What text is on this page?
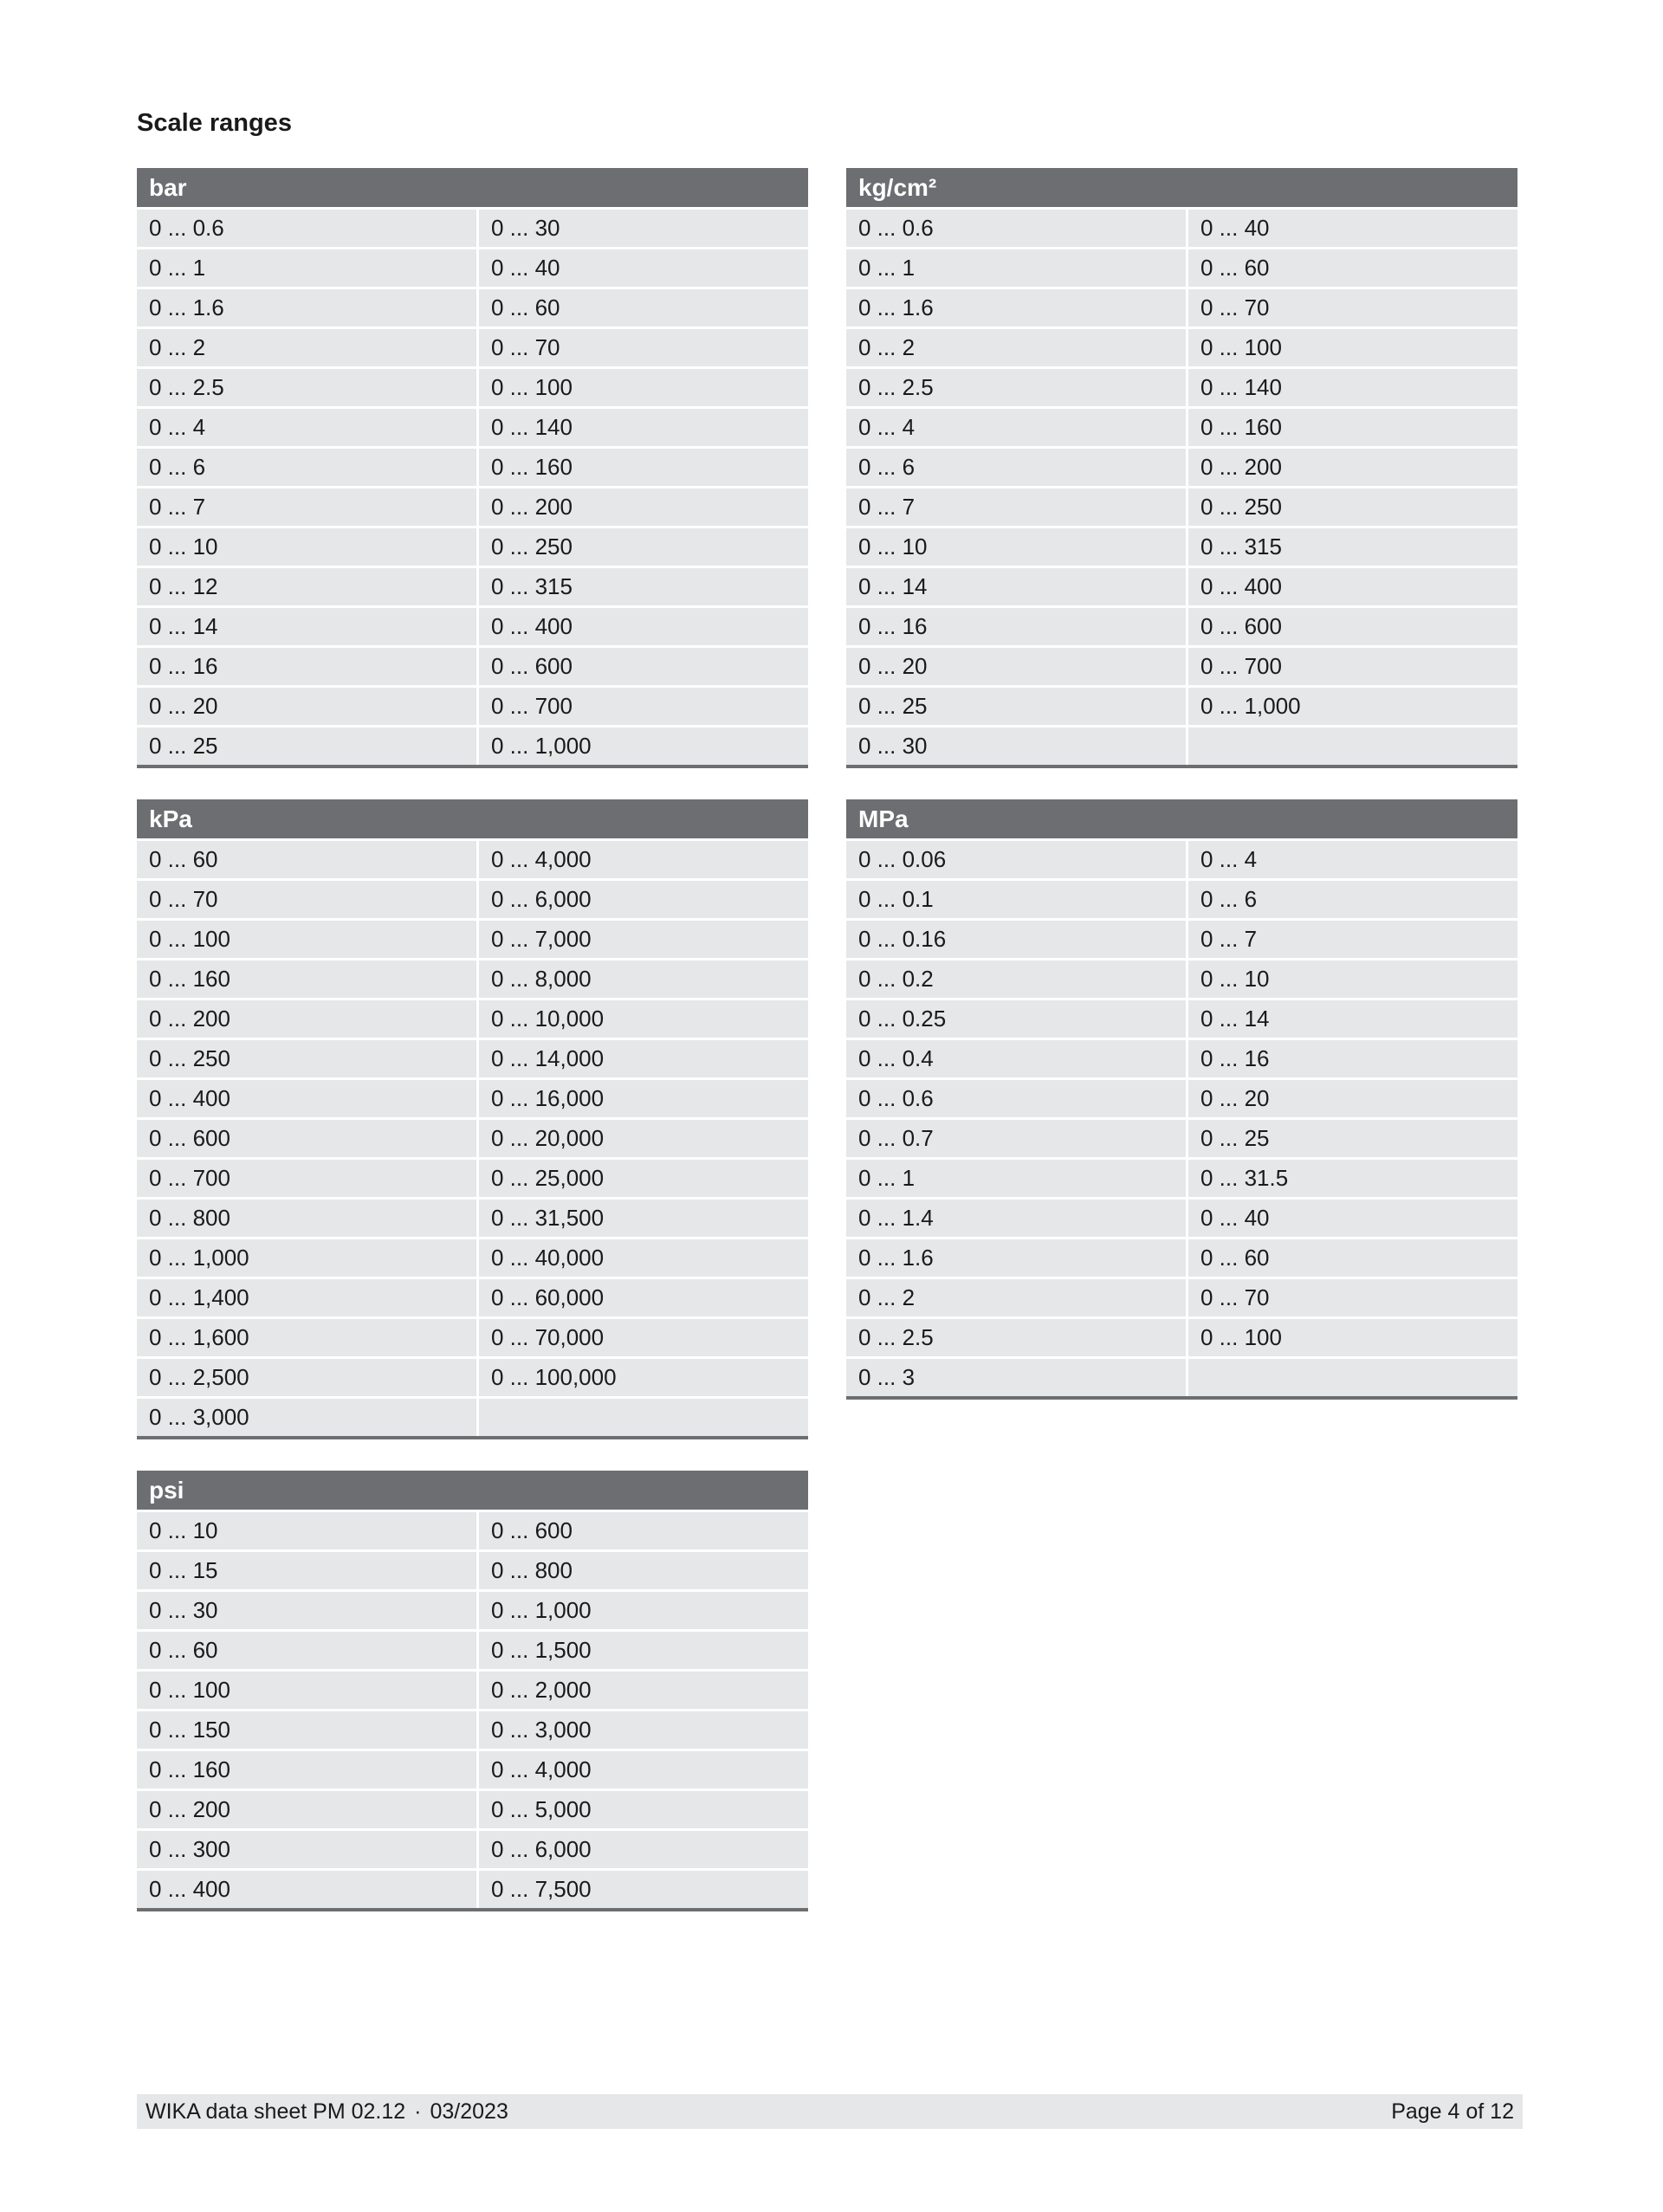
Scale ranges
bar
0 ... 0.6	0 ... 30
0 ... 1	0 ... 40
0 ... 1.6	0 ... 60
0 ... 2	0 ... 70
0 ... 2.5	0 ... 100
0 ... 4	0 ... 140
0 ... 6	0 ... 160
0 ... 7	0 ... 200
0 ... 10	0 ... 250
0 ... 12	0 ... 315
0 ... 14	0 ... 400
0 ... 16	0 ... 600
0 ... 20	0 ... 700
0 ... 25	0 ... 1,000
kg/cm²
0 ... 0.6	0 ... 40
0 ... 1	0 ... 60
0 ... 1.6	0 ... 70
0 ... 2	0 ... 100
0 ... 2.5	0 ... 140
0 ... 4	0 ... 160
0 ... 6	0 ... 200
0 ... 7	0 ... 250
0 ... 10	0 ... 315
0 ... 14	0 ... 400
0 ... 16	0 ... 600
0 ... 20	0 ... 700
0 ... 25	0 ... 1,000
0 ... 30
kPa
0 ... 60	0 ... 4,000
0 ... 70	0 ... 6,000
0 ... 100	0 ... 7,000
0 ... 160	0 ... 8,000
0 ... 200	0 ... 10,000
0 ... 250	0 ... 14,000
0 ... 400	0 ... 16,000
0 ... 600	0 ... 20,000
0 ... 700	0 ... 25,000
0 ... 800	0 ... 31,500
0 ... 1,000	0 ... 40,000
0 ... 1,400	0 ... 60,000
0 ... 1,600	0 ... 70,000
0 ... 2,500	0 ... 100,000
0 ... 3,000
MPa
0 ... 0.06	0 ... 4
0 ... 0.1	0 ... 6
0 ... 0.16	0 ... 7
0 ... 0.2	0 ... 10
0 ... 0.25	0 ... 14
0 ... 0.4	0 ... 16
0 ... 0.6	0 ... 20
0 ... 0.7	0 ... 25
0 ... 1	0 ... 31.5
0 ... 1.4	0 ... 40
0 ... 1.6	0 ... 60
0 ... 2	0 ... 70
0 ... 2.5	0 ... 100
0 ... 3
psi
0 ... 10	0 ... 600
0 ... 15	0 ... 800
0 ... 30	0 ... 1,000
0 ... 60	0 ... 1,500
0 ... 100	0 ... 2,000
0 ... 150	0 ... 3,000
0 ... 160	0 ... 4,000
0 ... 200	0 ... 5,000
0 ... 300	0 ... 6,000
0 ... 400	0 ... 7,500
WIKA data sheet PM 02.12 · 03/2023	Page 4 of 12
